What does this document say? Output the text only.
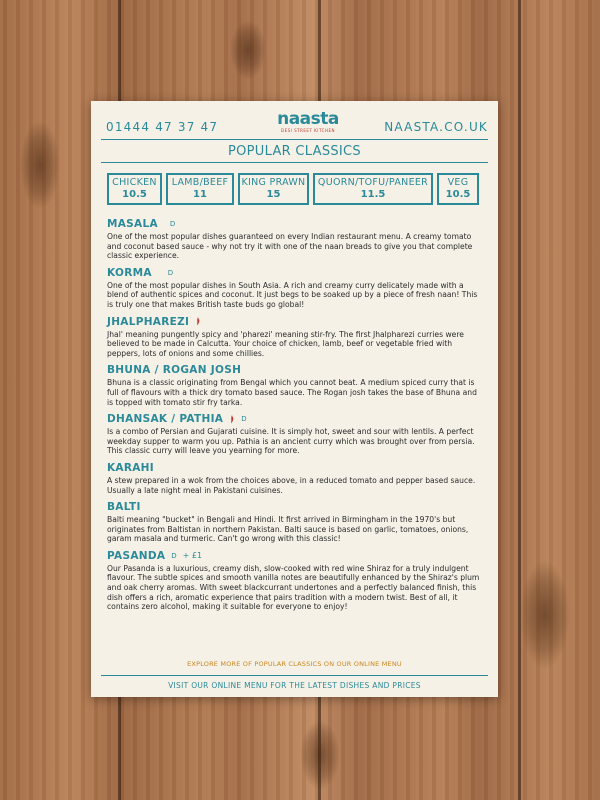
01444 47 37 47	NAASTA.CO.UK
naasta
DESI STREET KITCHEN
POPULAR CLASSICS
CHICKEN
10.5
LAMB/BEEF
11
KING PRAWN
15
QUORN/TOFU/PANEER
11.5
VEG
10.5
MASALA D
One of the most popular dishes guaranteed on every Indian restaurant menu. A creamy tomato and coconut based sauce - why not try it with one of the naan breads to give you that complete classic experience.
KORMA D
One of the most popular dishes in South Asia. A rich and creamy curry delicately made with a blend of authentic spices and coconut. It just begs to be soaked up by a piece of fresh naan! This is truly one that makes British taste buds go global!
JHALPHAREZI
Jhal' meaning pungently spicy and 'pharezi' meaning stir-fry. The first Jhalpharezi curries were believed to be made in Calcutta. Your choice of chicken, lamb, beef or vegetable fried with peppers, lots of onions and some chillies.
BHUNA / ROGAN JOSH
Bhuna is a classic originating from Bengal which you cannot beat. A medium spiced curry that is full of flavours with a thick dry tomato based sauce. The Rogan josh takes the base of Bhuna and is topped with tomato stir fry tarka.
DHANSAK / PATHIA	D
Is a combo of Persian and Gujarati cuisine. It is simply hot, sweet and sour with lentils. A perfect weekday supper to warm you up. Pathia is an ancient curry which was brought over from persia. This classic curry will leave you yearning for more.
KARAHI
A stew prepared in a wok from the choices above, in a reduced tomato and pepper based sauce. Usually a late night meal in Pakistani cuisines.
BALTI
Balti meaning "bucket" in Bengali and Hindi. It first arrived in Birmingham in the 1970's but originates from Baltistan in northern Pakistan. Balti sauce is based on garlic, tomatoes, onions, garam masala and turmeric. Can't go wrong with this classic!
PASANDA D + £1
Our Pasanda is a luxurious, creamy dish, slow-cooked with red wine Shiraz for a truly indulgent flavour. The subtle spices and smooth vanilla notes are beautifully enhanced by the Shiraz's plum and oak cherry aromas. With sweet blackcurrant undertones and a perfectly balanced finish, this dish offers a rich, aromatic experience that pairs tradition with a modern twist. Best of all, it contains zero alcohol, making it suitable for everyone to enjoy!
EXPLORE MORE OF POPULAR CLASSICS ON OUR ONLINE MENU
VISIT OUR ONLINE MENU FOR THE LATEST DISHES AND PRICES
